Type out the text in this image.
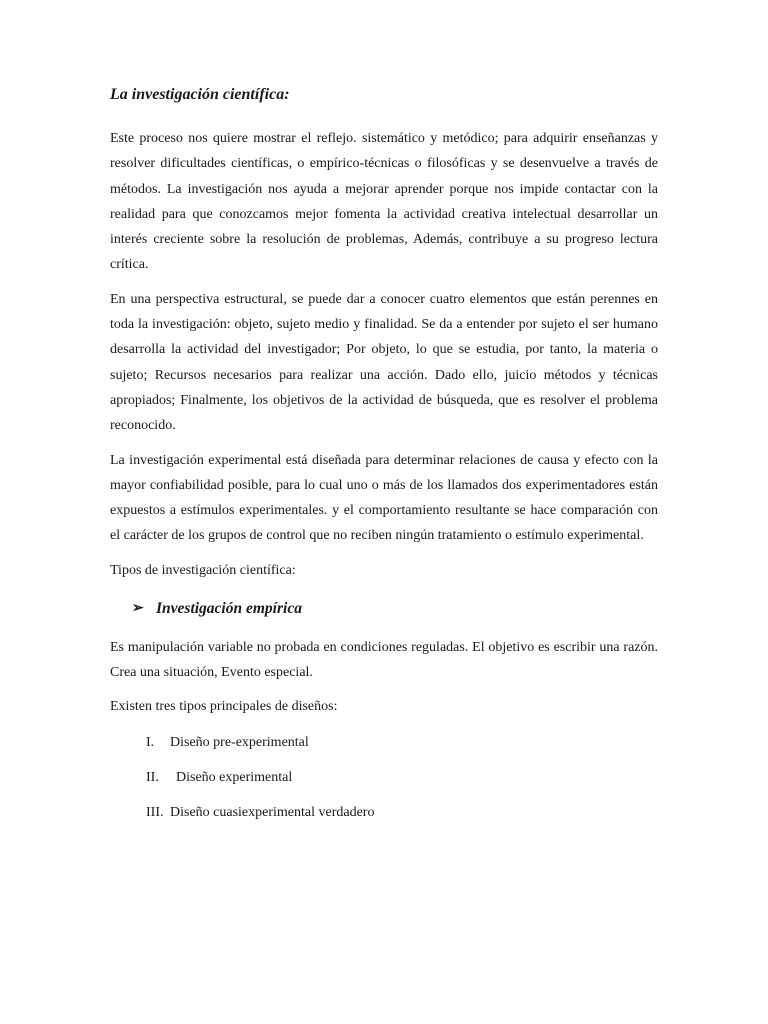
La investigación científica:

Este proceso nos quiere mostrar el reflejo. sistemático y metódico; para adquirir enseñanzas y resolver dificultades científicas, o empírico-técnicas o filosóficas y se desenvuelve a través de métodos. La investigación nos ayuda a mejorar aprender porque nos impide contactar con la realidad para que conozcamos mejor fomenta la actividad creativa intelectual desarrollar un interés creciente sobre la resolución de problemas, Además, contribuye a su progreso lectura crítica.

En una perspectiva estructural, se puede dar a conocer cuatro elementos que están perennes en toda la investigación: objeto, sujeto medio y finalidad. Se da a entender por sujeto el ser humano desarrolla la actividad del investigador; Por objeto, lo que se estudia, por tanto, la materia o sujeto; Recursos necesarios para realizar una acción. Dado ello, juicio métodos y técnicas apropiados; Finalmente, los objetivos de la actividad de búsqueda, que es resolver el problema reconocido.

La investigación experimental está diseñada para determinar relaciones de causa y efecto con la mayor confiabilidad posible, para lo cual uno o más de los llamados dos experimentadores están expuestos a estímulos experimentales. y el comportamiento resultante se hace comparación con el carácter de los grupos de control que no reciben ningún tratamiento o estímulo experimental.

Tipos de investigación científica:

➢ Investigación empírica

Es manipulación variable no probada en condiciones reguladas. El objetivo es escribir una razón. Crea una situación, Evento especial.

Existen tres tipos principales de diseños:

I.	Diseño pre-experimental
II.	Diseño experimental
III. Diseño cuasiexperimental verdadero
